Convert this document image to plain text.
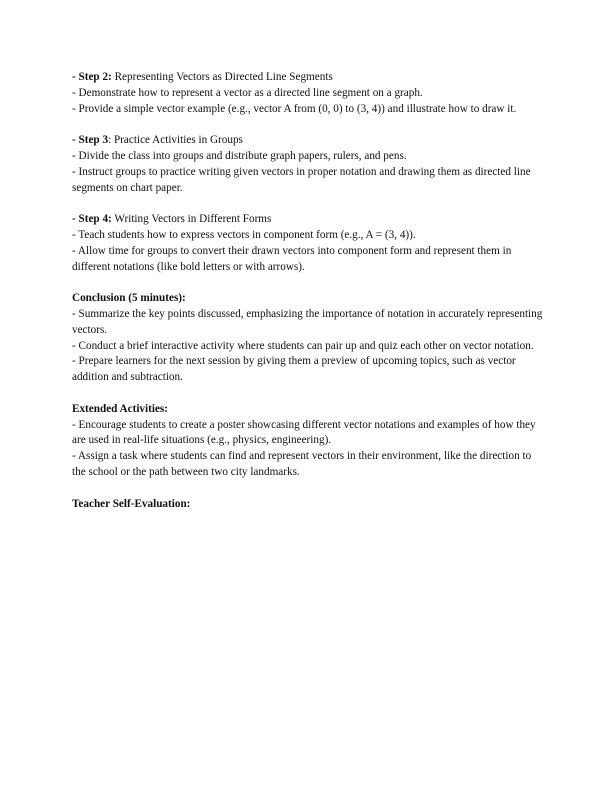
- Step 2: Representing Vectors as Directed Line Segments
- Demonstrate how to represent a vector as a directed line segment on a graph.
- Provide a simple vector example (e.g., vector A from (0, 0) to (3, 4)) and illustrate how to draw it.
- Step 3: Practice Activities in Groups
- Divide the class into groups and distribute graph papers, rulers, and pens.
- Instruct groups to practice writing given vectors in proper notation and drawing them as directed line segments on chart paper.
- Step 4: Writing Vectors in Different Forms
- Teach students how to express vectors in component form (e.g., A = (3, 4)).
- Allow time for groups to convert their drawn vectors into component form and represent them in different notations (like bold letters or with arrows).
Conclusion (5 minutes):
- Summarize the key points discussed, emphasizing the importance of notation in accurately representing vectors.
- Conduct a brief interactive activity where students can pair up and quiz each other on vector notation.
- Prepare learners for the next session by giving them a preview of upcoming topics, such as vector addition and subtraction.
Extended Activities:
- Encourage students to create a poster showcasing different vector notations and examples of how they are used in real-life situations (e.g., physics, engineering).
- Assign a task where students can find and represent vectors in their environment, like the direction to the school or the path between two city landmarks.
Teacher Self-Evaluation:
